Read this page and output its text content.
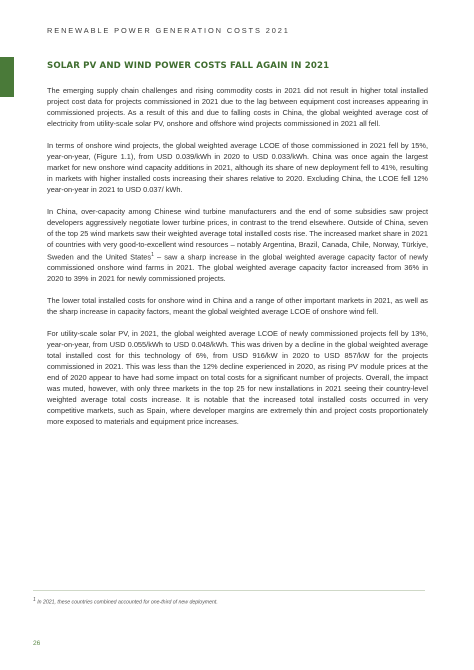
RENEWABLE POWER GENERATION COSTS 2021
SOLAR PV AND WIND POWER COSTS FALL AGAIN IN 2021

The emerging supply chain challenges and rising commodity costs in 2021 did not result in higher total installed project cost data for projects commissioned in 2021 due to the lag between equipment cost increases appearing in commissioned projects. As a result of this and due to falling costs in China, the global weighted average cost of electricity from utility-scale solar PV, onshore and offshore wind projects commissioned in 2021 all fell.

In terms of onshore wind projects, the global weighted average LCOE of those commissioned in 2021 fell by 15%, year-on-year, (Figure 1.1), from USD 0.039/kWh in 2020 to USD 0.033/kWh. China was once again the largest market for new onshore wind capacity additions in 2021, although its share of new deployment fell to 41%, resulting in markets with higher installed costs increasing their shares relative to 2020. Excluding China, the LCOE fell 12% year-on-year in 2021 to USD 0.037/ kWh.

In China, over-capacity among Chinese wind turbine manufacturers and the end of some subsidies saw project developers aggressively negotiate lower turbine prices, in contrast to the trend elsewhere. Outside of China, seven of the top 25 wind markets saw their weighted average total installed costs rise. The increased market share in 2021 of countries with very good-to-excellent wind resources – notably Argentina, Brazil, Canada, Chile, Norway, Türkiye, Sweden and the United States$^1$ – saw a sharp increase in the global weighted average capacity factor of newly commissioned onshore wind farms in 2021. The global weighted average capacity factor increased from 36% in 2020 to 39% in 2021 for newly commissioned projects.

The lower total installed costs for onshore wind in China and a range of other important markets in 2021, as well as the sharp increase in capacity factors, meant the global weighted average LCOE of onshore wind fell.

For utility-scale solar PV, in 2021, the global weighted average LCOE of newly commissioned projects fell by 13%, year-on-year, from USD 0.055/kWh to USD 0.048/kWh. This was driven by a decline in the global weighted average total installed cost for this technology of 6%, from USD 916/kW in 2020 to USD 857/kW for the projects commissioned in 2021. This was less than the 12% decline experienced in 2020, as rising PV module prices at the end of 2020 appear to have had some impact on total costs for a significant number of projects. Overall, the impact was muted, however, with only three markets in the top 25 for new installations in 2021 seeing their country-level weighted average total costs increase. It is notable that the increased total installed costs occurred in very competitive markets, such as Spain, where developer margins are extremely thin and project costs proportionately more exposed to materials and equipment price increases.

$^1$ In 2021, these countries combined accounted for one-third of new deployment.
26
